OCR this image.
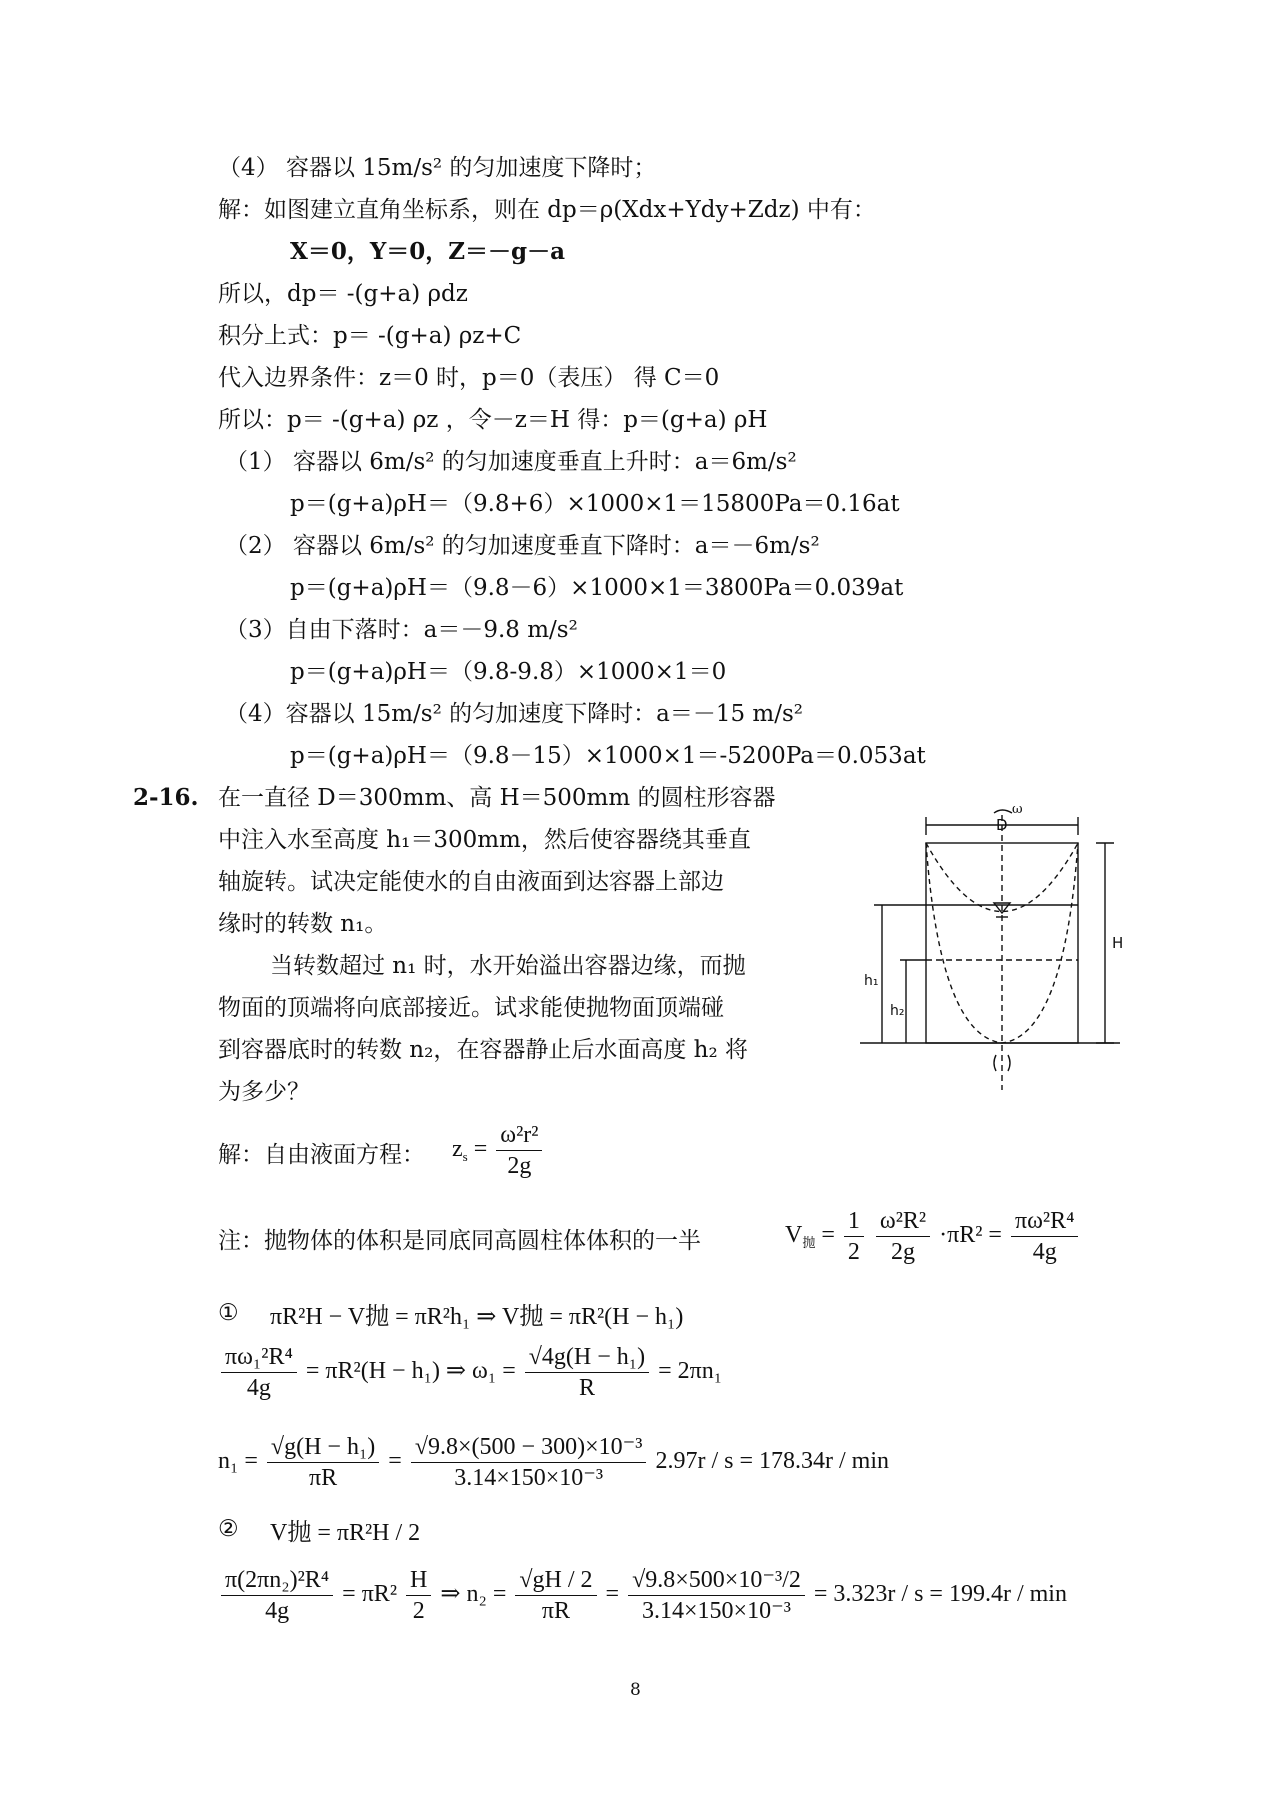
（4） 容器以 15m/s² 的匀加速度下降时；
解：如图建立直角坐标系，则在 dp＝ρ(Xdx+Ydy+Zdz) 中有：
X＝0，Y＝0，Z＝－g－a
所以，dp＝ -(g+a) ρdz
积分上式：p＝ -(g+a) ρz+C
代入边界条件：z＝0 时，p＝0（表压） 得 C＝0
所以：p＝ -(g+a) ρz ，令－z＝H 得：p＝(g+a) ρH
（1） 容器以 6m/s² 的匀加速度垂直上升时：a＝6m/s²
p＝(g+a)ρH＝（9.8+6）×1000×1＝15800Pa＝0.16at
（2） 容器以 6m/s² 的匀加速度垂直下降时：a＝－6m/s²
p＝(g+a)ρH＝（9.8－6）×1000×1＝3800Pa＝0.039at
（3）自由下落时：a＝－9.8 m/s²
p＝(g+a)ρH＝（9.8-9.8）×1000×1＝0
（4）容器以 15m/s² 的匀加速度下降时：a＝－15 m/s²
p＝(g+a)ρH＝（9.8－15）×1000×1＝-5200Pa＝0.053at
2-16. 在一直径 D＝300mm、高 H＝500mm 的圆柱形容器
中注入水至高度 h₁＝300mm，然后使容器绕其垂直
轴旋转。试决定能使水的自由液面到达容器上部边
缘时的转数 n₁。
当转数超过 n₁ 时，水开始溢出容器边缘，而抛
物面的顶端将向底部接近。试求能使抛物面顶端碰
到容器底时的转数 n₂，在容器静止后水面高度 h₂ 将
为多少？
D
ω
H
h₁
h₂
解：自由液面方程： $z_s = \frac{\text{ω²r²}}{2g}$
注：抛物体的体积是同底同高圆柱体体积的一半	$V_抛 = \frac{1}{2}$
$\frac{\text{ω²R²}}{2g} \cdot\pi R^2 = \frac{\text{πω²R⁴}}{4g}$
① πR²H − V抛 = πR²h₁ ⇒ V抛 = πR²(H − h₁)
$\frac{\text{πω₁²R⁴}}{4g} = \pi R^2(H - h_1)$ ⇒ $\omega_1 = \frac{\text{√4g(H − h₁)}}{R} = 2\pi n_1$
$n_1 = \frac{\text{√g(H − h₁)}}{\pi R} = \frac{\text{√9.8×(500 − 300)×10⁻³}}{\text{3.14×150×10⁻³}} 2.97r / s = 178.34r / \min$
② V抛 = πR²H / 2
$\frac{\text{π(2πn₂)²R⁴}}{4g} = \pi R^2 \frac{H}{2}$ ⇒ $n_2 = \frac{√gH / 2}{\pi R} = \frac{\text{√9.8×500×10⁻³/2}}{\text{3.14×150×10⁻³}} = 3.323r / s = 199.4r / \min$
8
